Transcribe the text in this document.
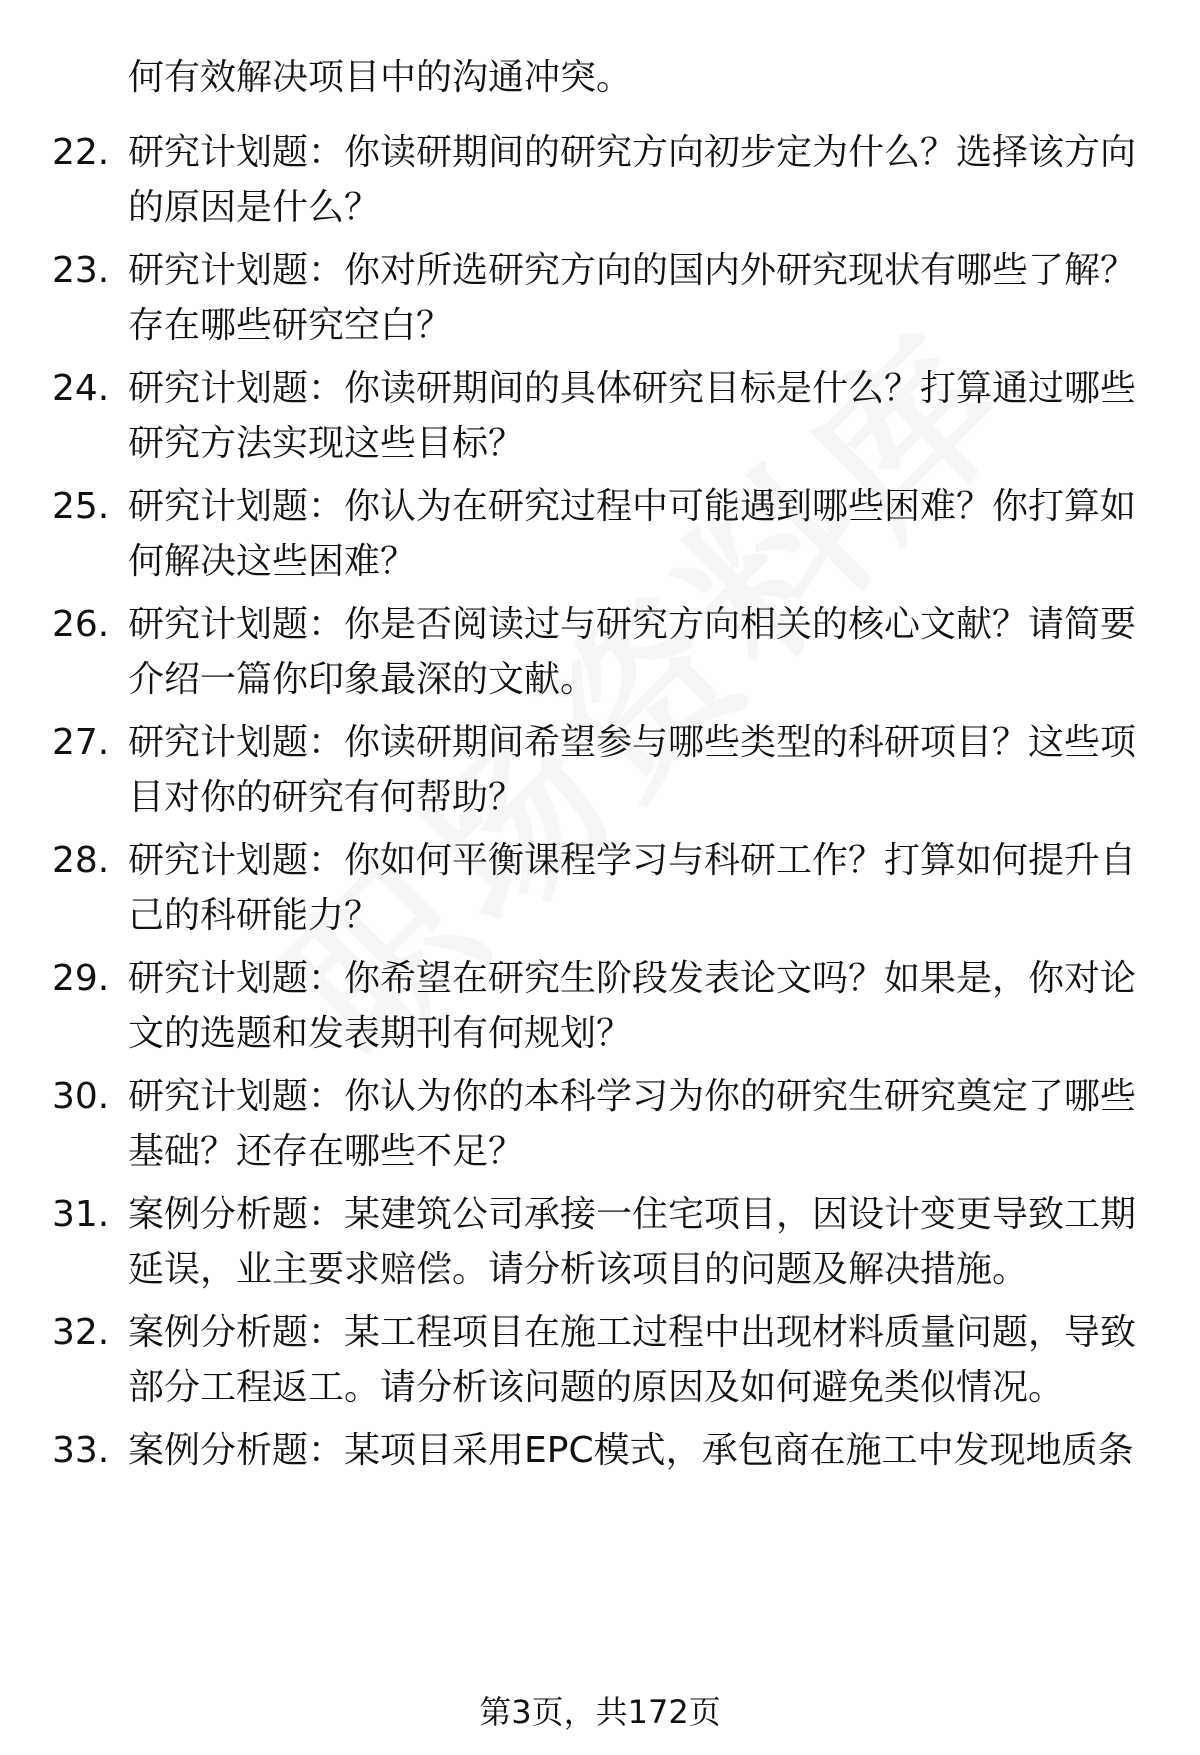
何有效解决项目中的沟通冲突。
22. 研究计划题：你读研期间的研究方向初步定为什么？选择该方向
的原因是什么？
23. 研究计划题：你对所选研究方向的国内外研究现状有哪些了解？
存在哪些研究空白？
24. 研究计划题：你读研期间的具体研究目标是什么？打算通过哪些
研究方法实现这些目标？
25. 研究计划题：你认为在研究过程中可能遇到哪些困难？你打算如
何解决这些困难？
26. 研究计划题：你是否阅读过与研究方向相关的核心文献？请简要
介绍一篇你印象最深的文献。
27. 研究计划题：你读研期间希望参与哪些类型的科研项目？这些项
目对你的研究有何帮助？
28. 研究计划题：你如何平衡课程学习与科研工作？打算如何提升自
己的科研能力？
29. 研究计划题：你希望在研究生阶段发表论文吗？如果是，你对论
文的选题和发表期刊有何规划？
30. 研究计划题：你认为你的本科学习为你的研究生研究奠定了哪些
基础？还存在哪些不足？
31. 案例分析题：某建筑公司承接一住宅项目，因设计变更导致工期
延误，业主要求赔偿。请分析该项目的问题及解决措施。
32. 案例分析题：某工程项目在施工过程中出现材料质量问题，导致
部分工程返工。请分析该问题的原因及如何避免类似情况。
33. 案例分析题：某项目采用EPC模式，承包商在施工中发现地质条
第3页，共172页
